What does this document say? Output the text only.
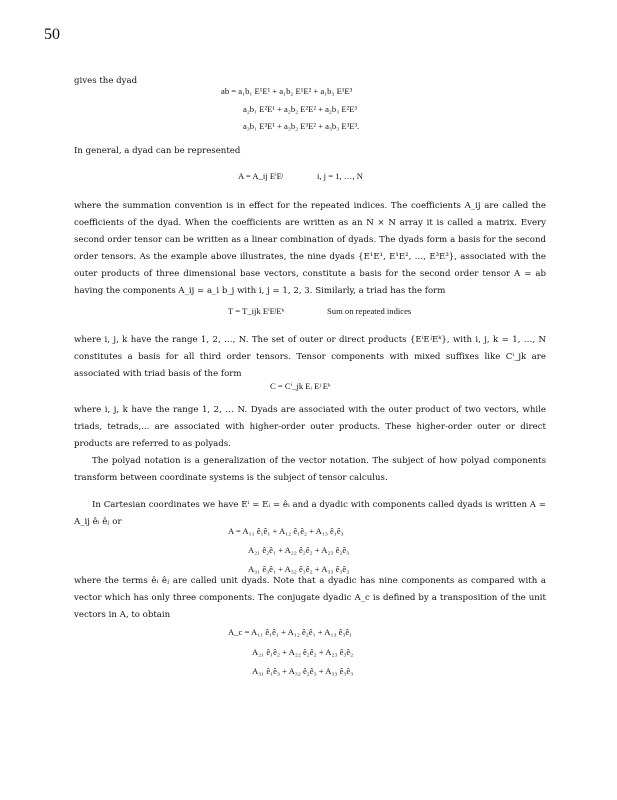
50

gives the dyad

ab = a₁b₁ E¹E¹ + a₁b₂ E¹E² + a₁b₃ E¹E³
a₂b₁ E²E¹ + a₂b₂ E²E² + a₂b₃ E²E³
a₃b₁ E³E¹ + a₃b₂ E³E² + a₃b₃ E³E³.

In general, a dyad can be represented

A = A_ij EⁱEʲ	i, j = 1, …, N

where the summation convention is in effect for the repeated indices. The coefficients A_ij are called the coefficients of the dyad. When the coefficients are written as an N × N array it is called a matrix. Every second order tensor can be written as a linear combination of dyads. The dyads form a basis for the second order tensors. As the example above illustrates, the nine dyads {E¹E¹, E¹E², …, E³E³}, associated with the outer products of three dimensional base vectors, constitute a basis for the second order tensor A = ab having the components A_ij = a_i b_j with i, j = 1, 2, 3. Similarly, a triad has the form

T = T_ijk EⁱEʲEᵏ	Sum on repeated indices

where i, j, k have the range 1, 2, …, N. The set of outer or direct products {EⁱEʲEᵏ}, with i, j, k = 1, …, N constitutes a basis for all third order tensors. Tensor components with mixed suffixes like Cⁱ_jk are associated with triad basis of the form

C = Cⁱ_jk Eᵢ Eʲ Eᵏ

where i, j, k have the range 1, 2, … N. Dyads are associated with the outer product of two vectors, while triads, tetrads,... are associated with higher-order outer products. These higher-order outer or direct products are referred to as polyads.

The polyad notation is a generalization of the vector notation. The subject of how polyad components transform between coordinate systems is the subject of tensor calculus.

In Cartesian coordinates we have Eⁱ = Eᵢ = êᵢ and a dyadic with components called dyads is written A = A_ij êᵢ êⱼ or

A = A₁₁ ê₁ê₁ + A₁₂ ê₁ê₂ + A₁₃ ê₁ê₃
A₂₁ ê₂ê₁ + A₂₂ ê₂ê₂ + A₂₃ ê₂ê₃
A₃₁ ê₃ê₁ + A₃₂ ê₃ê₂ + A₃₃ ê₃ê₃

where the terms êᵢ êⱼ are called unit dyads. Note that a dyadic has nine components as compared with a vector which has only three components. The conjugate dyadic A_c is defined by a transposition of the unit vectors in A, to obtain

A_c = A₁₁ ê₁ê₁ + A₁₂ ê₂ê₁ + A₁₃ ê₃ê₁
A₂₁ ê₁ê₂ + A₂₂ ê₂ê₂ + A₂₃ ê₃ê₂
A₃₁ ê₁ê₃ + A₃₂ ê₂ê₃ + A₃₃ ê₃ê₃
